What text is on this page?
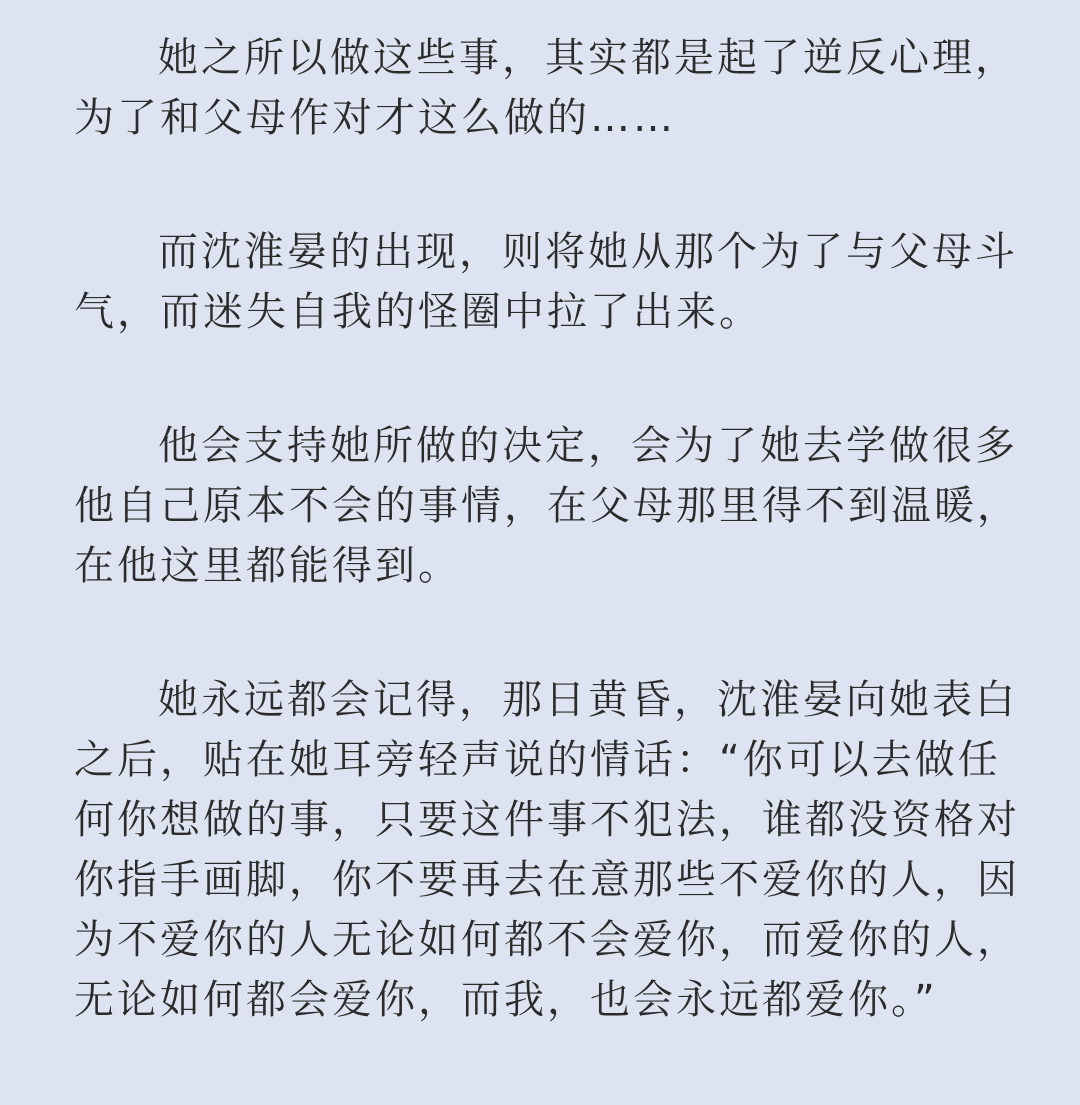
她之所以做这些事，其实都是起了逆反心理，为了和父母作对才这么做的……

而沈淮晏的出现，则将她从那个为了与父母斗气，而迷失自我的怪圈中拉了出来。

他会支持她所做的决定，会为了她去学做很多他自己原本不会的事情，在父母那里得不到温暖，在他这里都能得到。

她永远都会记得，那日黄昏，沈淮晏向她表白之后，贴在她耳旁轻声说的情话：“你可以去做任何你想做的事，只要这件事不犯法，谁都没资格对你指手画脚，你不要再去在意那些不爱你的人，因为不爱你的人无论如何都不会爱你，而爱你的人，无论如何都会爱你，而我，也会永远都爱你。”
